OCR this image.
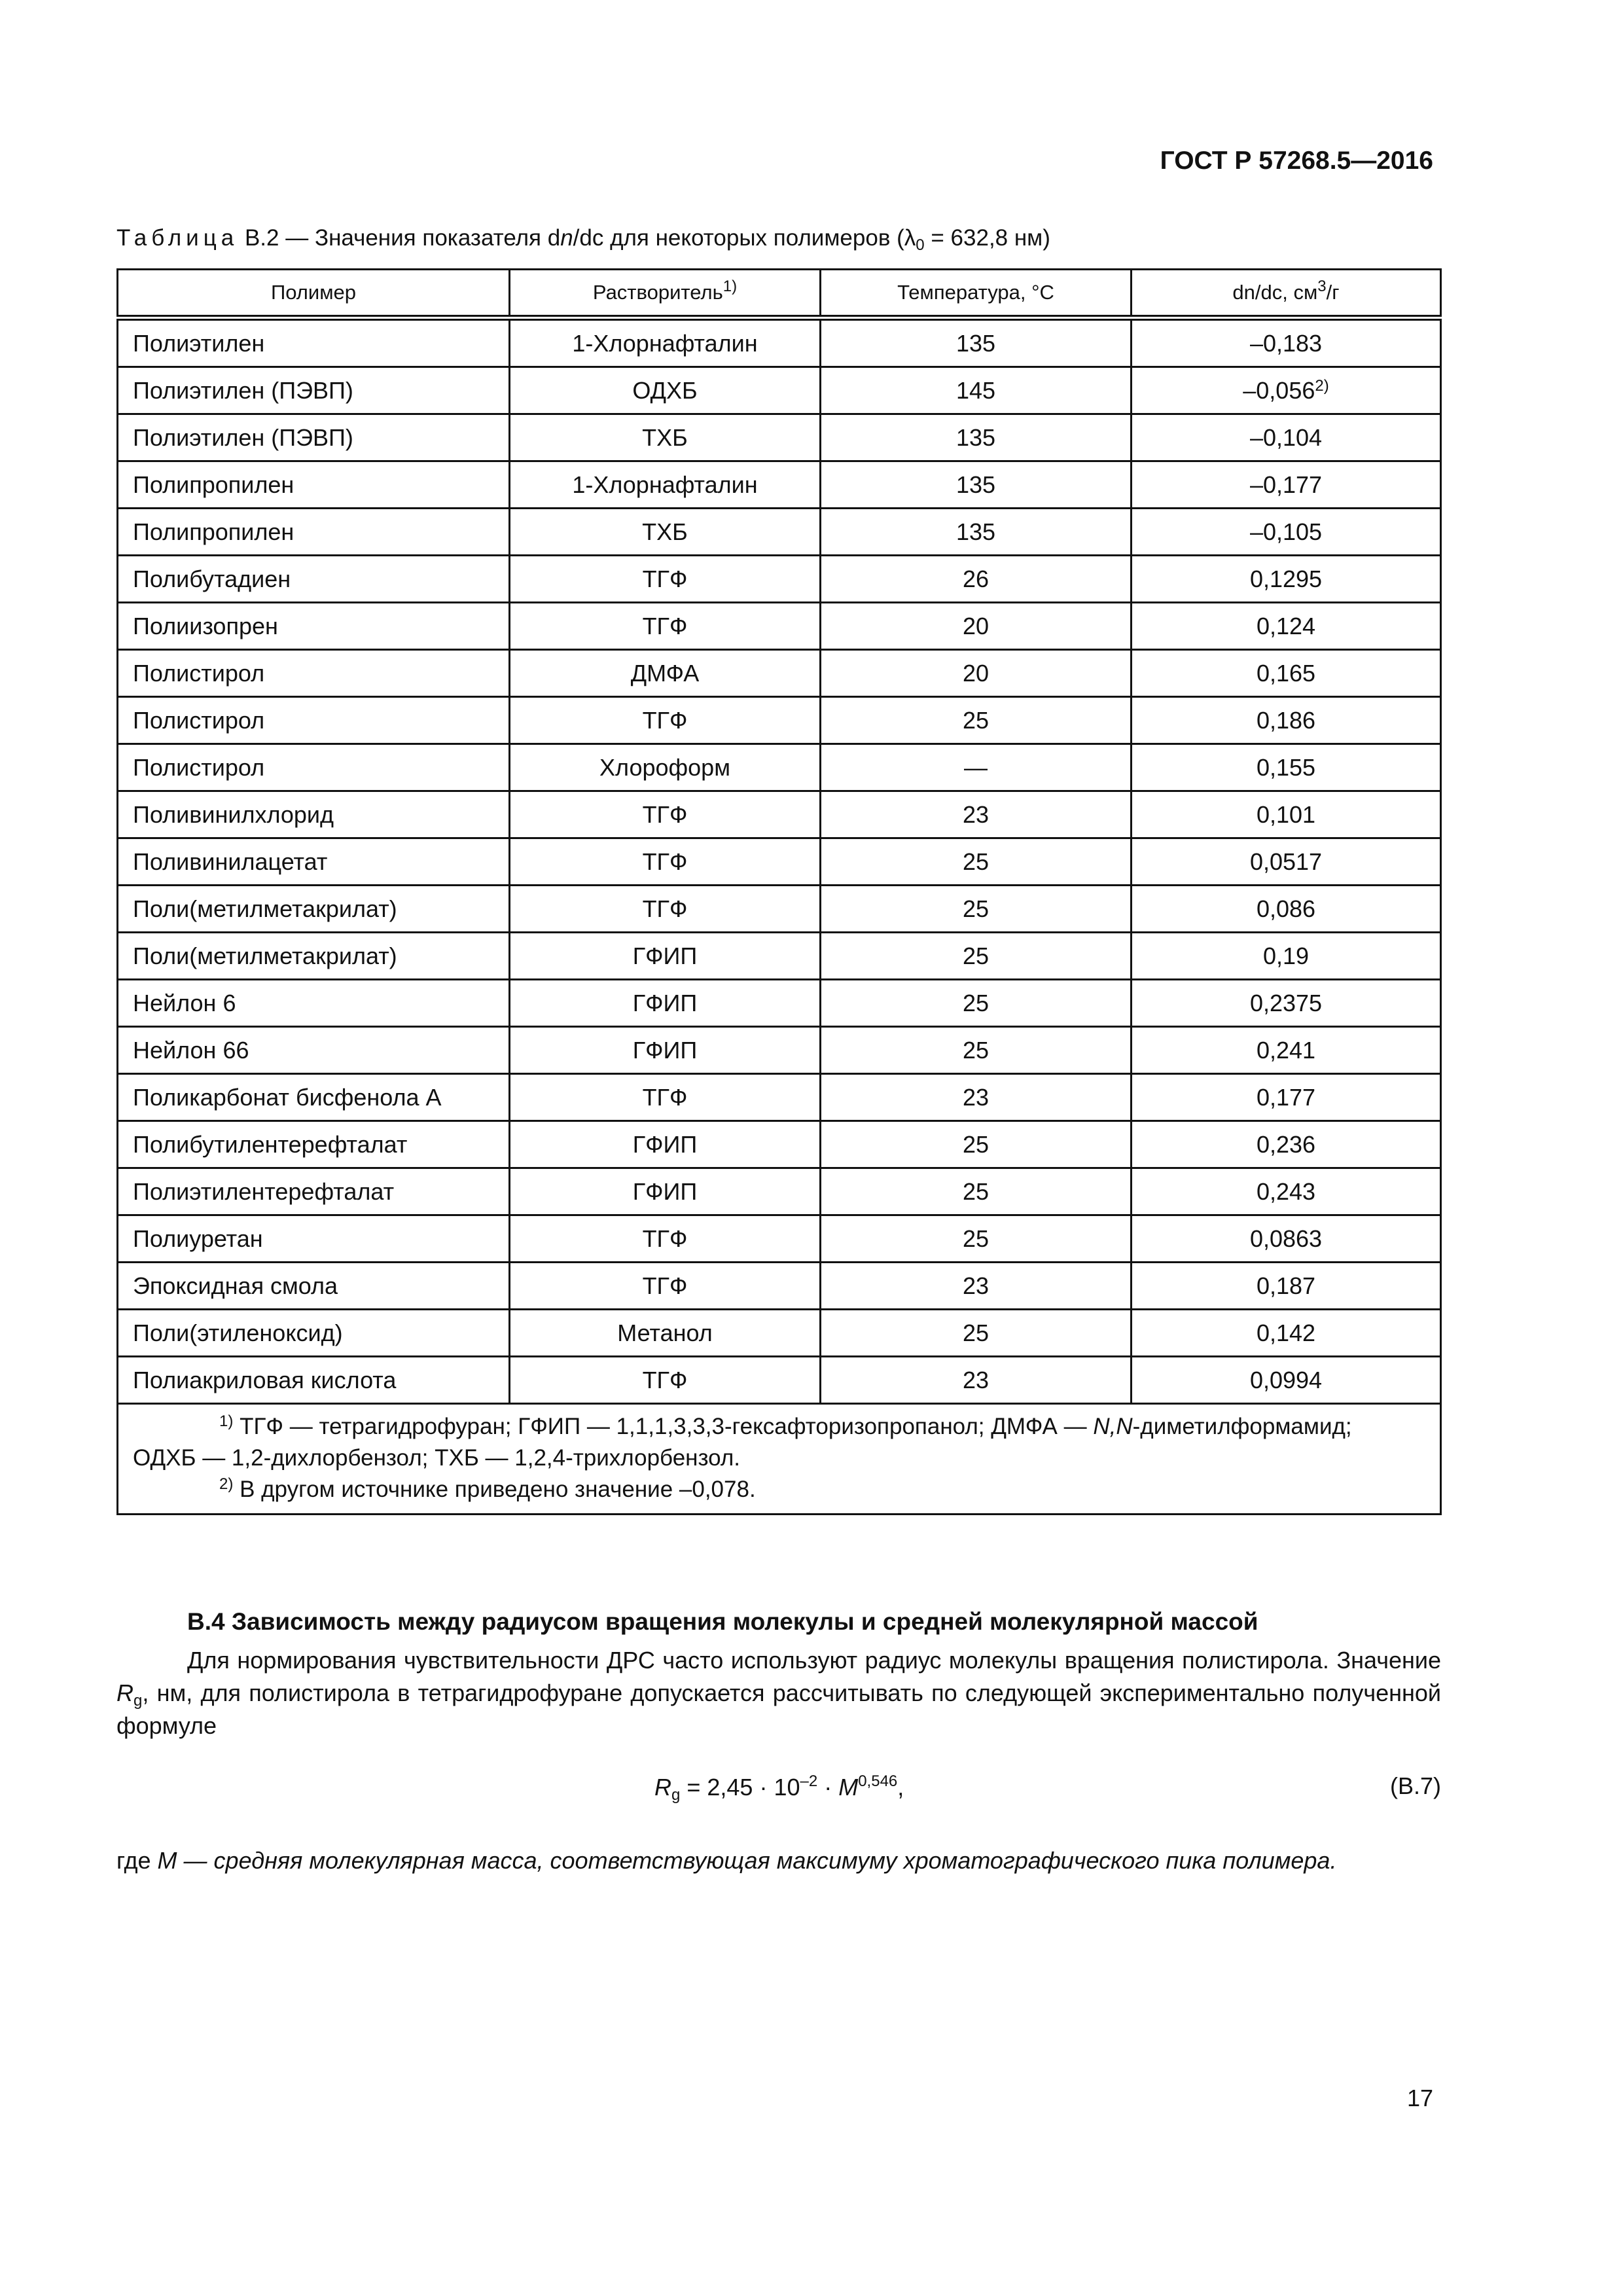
ГОСТ Р 57268.5—2016
Таблица В.2 — Значения показателя dn/dc для некоторых полимеров ($\lambda_0 = 632,8$ нм)
Полимер	Растворитель$^{1)}$	Температура, °С	dn/dc, $см^3/г$
Полиэтилен	1-Хлорнафталин	135	–0,183
Полиэтилен (ПЭВП)	ОДХБ	145	–0,056$^{2)}$
Полиэтилен (ПЭВП)	ТХБ	135	–0,104
Полипропилен	1-Хлорнафталин	135	–0,177
Полипропилен	ТХБ	135	–0,105
Полибутадиен	ТГФ	26	0,1295
Полиизопрен	ТГФ	20	0,124
Полистирол	ДМФА	20	0,165
Полистирол	ТГФ	25	0,186
Полистирол	Хлороформ	—	0,155
Поливинилхлорид	ТГФ	23	0,101
Поливинилацетат	ТГФ	25	0,0517
Поли(метилметакрилат)	ТГФ	25	0,086
Поли(метилметакрилат)	ГФИП	25	0,19
Нейлон 6	ГФИП	25	0,2375
Нейлон 66	ГФИП	25	0,241
Поликарбонат бисфенола А	ТГФ	23	0,177
Полибутилентерефталат	ГФИП	25	0,236
Полиэтилентерефталат	ГФИП	25	0,243
Полиуретан	ТГФ	25	0,0863
Эпоксидная смола	ТГФ	23	0,187
Поли(этиленоксид)	Метанол	25	0,142
Полиакриловая кислота	ТГФ	23	0,0994

$^{1)}$ ТГФ — тетрагидрофуран; ГФИП — 1,1,1,3,3,3-гексафторизопропанол; ДМФА — N,N-диметилформамид;
ОДХБ — 1,2-дихлорбензол; ТХБ — 1,2,4-трихлорбензол.
$^{2)}$ В другом источнике приведено значение –0,078.			
В.4 Зависимость между радиусом вращения молекулы и средней молекулярной массой
Для нормирования чувствительности ДРС часто используют радиус молекулы вращения полистирола. Значение $R_g$, нм, для полистирола в тетрагидрофуране допускается рассчитывать по следующей экспериментально полученной формуле
$R_g = 2,45 \cdot 10^{-2} \cdot M^{0,546}$,	(В.7)
где M — средняя молекулярная масса, соответствующая максимуму хроматографического пика полимера.
17
